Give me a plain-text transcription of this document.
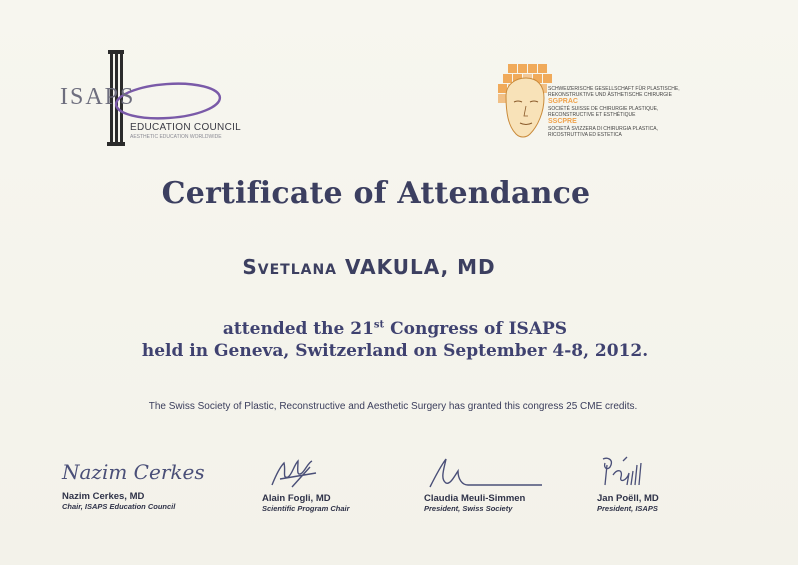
ISAPS
EDUCATION COUNCIL
AESTHETIC EDUCATION WORLDWIDE
SCHWEIZERISCHE GESELLSCHAFT FÜR PLASTISCHE,
REKONSTRUKTIVE UND ÄSTHETISCHE CHIRURGIE
SGPRAC
SOCIÉTÉ SUISSE DE CHIRURGIE PLASTIQUE,
RECONSTRUCTIVE ET ESTHÉTIQUE
SSCPRE
SOCIETÀ SVIZZERA DI CHIRURGIA PLASTICA,
RICOSTRUTTIVA ED ESTETICA
Certificate of Attendance
Svetlana VAKULA, MD
attended the 21st Congress of ISAPS
held in Geneva, Switzerland on September 4-8, 2012.
The Swiss Society of Plastic, Reconstructive and Aesthetic Surgery has granted this congress 25 CME credits.
Nazim Cerkes
Nazim Cerkes, MD
Chair, ISAPS Education Council
Alain Fogli, MD
Scientific Program Chair
Claudia Meuli-Simmen
President, Swiss Society
Jan Poëll, MD
President, ISAPS
